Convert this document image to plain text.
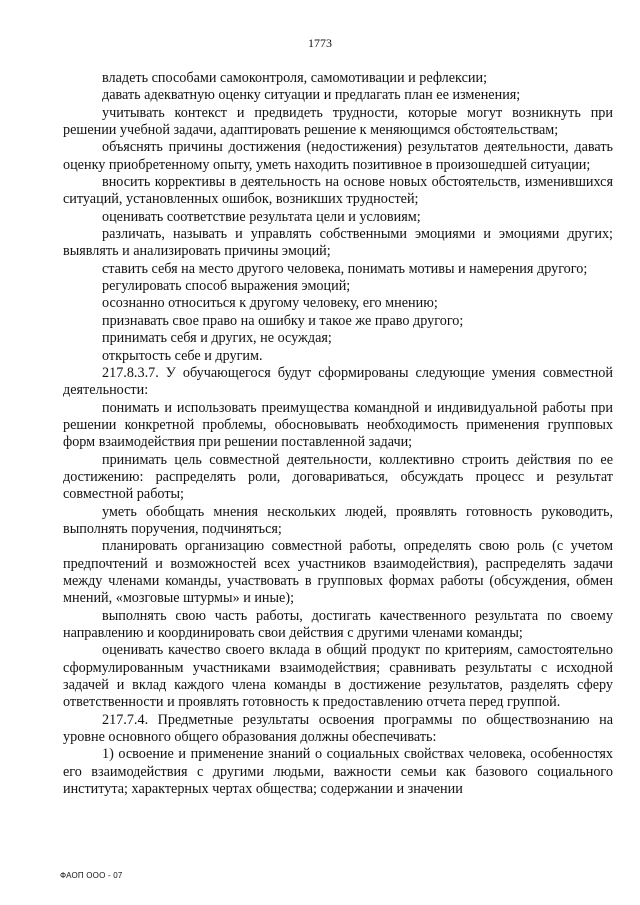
1773

владеть способами самоконтроля, самомотивации и рефлексии;

давать адекватную оценку ситуации и предлагать план ее изменения;

учитывать контекст и предвидеть трудности, которые могут возникнуть при решении учебной задачи, адаптировать решение к меняющимся обстоятельствам;

объяснять причины достижения (недостижения) результатов деятельности, давать оценку приобретенному опыту, уметь находить позитивное в произошедшей ситуации;

вносить коррективы в деятельность на основе новых обстоятельств, изменившихся ситуаций, установленных ошибок, возникших трудностей;

оценивать соответствие результата цели и условиям;

различать, называть и управлять собственными эмоциями и эмоциями других; выявлять и анализировать причины эмоций;

ставить себя на место другого человека, понимать мотивы и намерения другого;

регулировать способ выражения эмоций;

осознанно относиться к другому человеку, его мнению;

признавать свое право на ошибку и такое же право другого;

принимать себя и других, не осуждая;

открытость себе и другим.

217.8.3.7. У обучающегося будут сформированы следующие умения совместной деятельности:

понимать и использовать преимущества командной и индивидуальной работы при решении конкретной проблемы, обосновывать необходимость применения групповых форм взаимодействия при решении поставленной задачи;

принимать цель совместной деятельности, коллективно строить действия по ее достижению: распределять роли, договариваться, обсуждать процесс и результат совместной работы;

уметь обобщать мнения нескольких людей, проявлять готовность руководить, выполнять поручения, подчиняться;

планировать организацию совместной работы, определять свою роль (с учетом предпочтений и возможностей всех участников взаимодействия), распределять задачи между членами команды, участвовать в групповых формах работы (обсуждения, обмен мнений, «мозговые штурмы» и иные);

выполнять свою часть работы, достигать качественного результата по своему направлению и координировать свои действия с другими членами команды;

оценивать качество своего вклада в общий продукт по критериям, самостоятельно сформулированным участниками взаимодействия; сравнивать результаты с исходной задачей и вклад каждого члена команды в достижение результатов, разделять сферу ответственности и проявлять готовность к предоставлению отчета перед группой.

217.7.4. Предметные результаты освоения программы по обществознанию на уровне основного общего образования должны обеспечивать:

1) освоение и применение знаний о социальных свойствах человека, особенностях его взаимодействия с другими людьми, важности семьи как базового социального института; характерных чертах общества; содержании и значении

ФАОП ООО - 07
